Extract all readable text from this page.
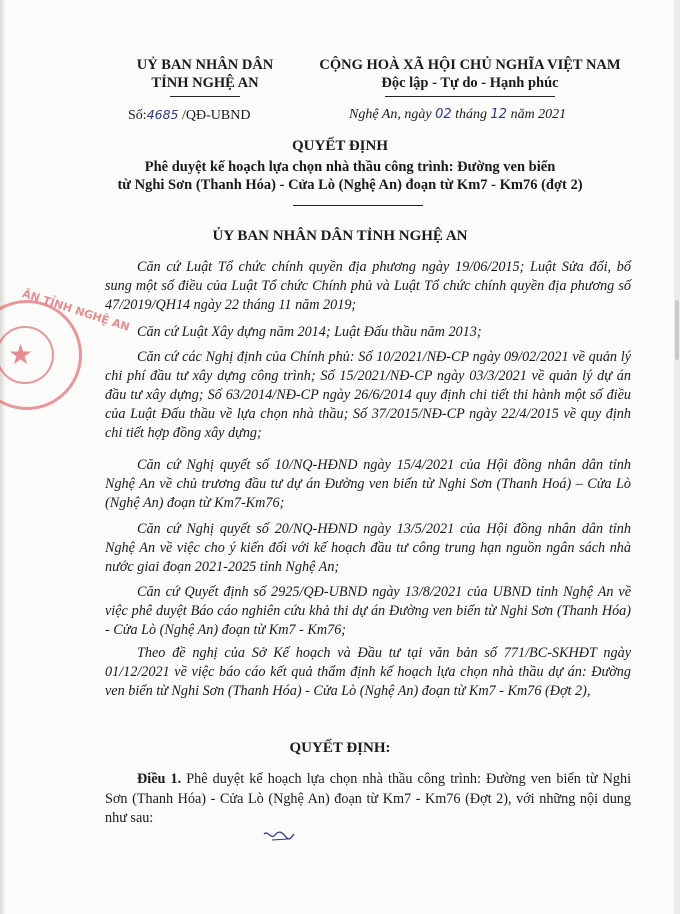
★
ÂN TỈNH NGHỆ AN
UỶ BAN NHÂN DÂN
TỈNH NGHỆ AN
CỘNG HOÀ XÃ HỘI CHỦ NGHĨA VIỆT NAM
Độc lập - Tự do - Hạnh phúc
Số:4685 /QĐ-UBND	Nghệ An, ngày 02 tháng 12 năm 2021
QUYẾT ĐỊNH
Phê duyệt kế hoạch lựa chọn nhà thầu công trình: Đường ven biển
từ Nghi Sơn (Thanh Hóa) - Cửa Lò (Nghệ An) đoạn từ Km7 - Km76 (đợt 2)
ỦY BAN NHÂN DÂN TỈNH NGHỆ AN
Căn cứ Luật Tổ chức chính quyền địa phương ngày 19/06/2015; Luật Sửa đổi, bổ sung một số điều của Luật Tổ chức Chính phủ và Luật Tổ chức chính quyền địa phương số 47/2019/QH14 ngày 22 tháng 11 năm 2019;
Căn cứ Luật Xây dựng năm 2014; Luật Đấu thầu năm 2013;
Căn cứ các Nghị định của Chính phủ: Số 10/2021/NĐ-CP ngày 09/02/2021 về quản lý chi phí đầu tư xây dựng công trình; Số 15/2021/NĐ-CP ngày 03/3/2021 về quản lý dự án đầu tư xây dựng; Số 63/2014/NĐ-CP ngày 26/6/2014 quy định chi tiết thi hành một số điều của Luật Đấu thầu về lựa chọn nhà thầu; Số 37/2015/NĐ-CP ngày 22/4/2015 về quy định chi tiết hợp đồng xây dựng;
Căn cứ Nghị quyết số 10/NQ-HĐND ngày 15/4/2021 của Hội đồng nhân dân tỉnh Nghệ An về chủ trương đầu tư dự án Đường ven biển từ Nghi Sơn (Thanh Hoá) – Cửa Lò (Nghệ An) đoạn từ Km7-Km76;
Căn cứ Nghị quyết số 20/NQ-HĐND ngày 13/5/2021 của Hội đồng nhân dân tỉnh Nghệ An về việc cho ý kiến đối với kế hoạch đầu tư công trung hạn nguồn ngân sách nhà nước giai đoạn 2021-2025 tỉnh Nghệ An;
Căn cứ Quyết định số 2925/QĐ-UBND ngày 13/8/2021 của UBND tỉnh Nghệ An về việc phê duyệt Báo cáo nghiên cứu khả thi dự án Đường ven biển từ Nghi Sơn (Thanh Hóa) - Cửa Lò (Nghệ An) đoạn từ Km7 - Km76;
Theo đề nghị của Sở Kế hoạch và Đầu tư tại văn bản số 771/BC-SKHĐT ngày 01/12/2021 về việc báo cáo kết quả thẩm định kế hoạch lựa chọn nhà thầu dự án: Đường ven biển từ Nghi Sơn (Thanh Hóa) - Cửa Lò (Nghệ An) đoạn từ Km7 - Km76 (Đợt 2),
QUYẾT ĐỊNH:
Điều 1. Phê duyệt kế hoạch lựa chọn nhà thầu công trình: Đường ven biển từ Nghi Sơn (Thanh Hóa) - Cửa Lò (Nghệ An) đoạn từ Km7 - Km76 (Đợt 2), với những nội dung như sau:
